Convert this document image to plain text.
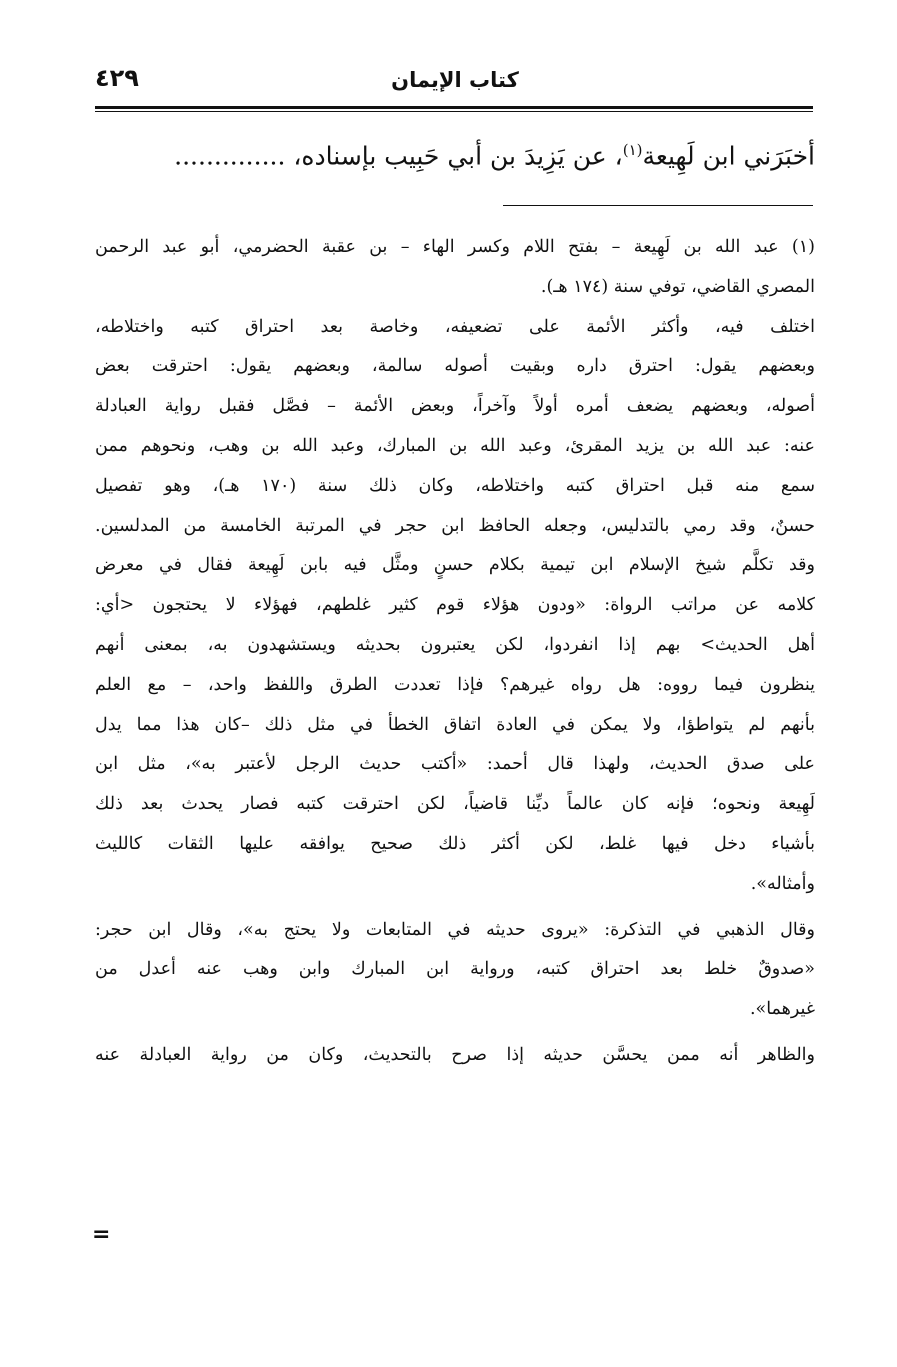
كتاب الإيمان
٤٢٩
أخبَرَني ابن لَهِيعة$^{(١)}$، عن يَزِيدَ بن أبي حَبِيب بإسناده، ..............
(١) عبد الله بن لَهِيعة – بفتح اللام وكسر الهاء – بن عقبة الحضرمي، أبو عبد الرحمن
المصري القاضي، توفي سنة (١٧٤ هـ).
اختلف فيه، وأكثر الأئمة على تضعيفه، وخاصة بعد احتراق كتبه واختلاطه،
وبعضهم يقول: احترق داره وبقيت أصوله سالمة، وبعضهم يقول: احترقت بعض
أصوله، وبعضهم يضعف أمره أولاً وآخراً، وبعض الأئمة – فصَّل فقبل رواية العبادلة
عنه: عبد الله بن يزيد المقرئ، وعبد الله بن المبارك، وعبد الله بن وهب، ونحوهم ممن
سمع منه قبل احتراق كتبه واختلاطه، وكان ذلك سنة (١٧٠ هـ)، وهو تفصيل
حسنٌ، وقد رمي بالتدليس، وجعله الحافظ ابن حجر في المرتبة الخامسة من المدلسين.
وقد تكلَّم شيخ الإسلام ابن تيمية بكلام حسنٍ ومثَّل فيه بابن لَهِيعة فقال في معرض
كلامه عن مراتب الرواة: «ودون هؤلاء قوم كثير غلطهم، فهؤلاء لا يحتجون <أي:
أهل الحديث> بهم إذا انفردوا، لكن يعتبرون بحديثه ويستشهدون به، بمعنى أنهم
ينظرون فيما رووه: هل رواه غيرهم؟ فإذا تعددت الطرق واللفظ واحد، – مع العلم
بأنهم لم يتواطؤا، ولا يمكن في العادة اتفاق الخطأ في مثل ذلك –كان هذا مما يدل
على صدق الحديث، ولهذا قال أحمد: «أكتب حديث الرجل لأعتبر به»، مثل ابن
لَهِيعة ونحوه؛ فإنه كان عالماً ديِّنا قاضياً، لكن احترقت كتبه فصار يحدث بعد ذلك
بأشياء دخل فيها غلط، لكن أكثر ذلك صحيح يوافقه عليها الثقات كالليث
وأمثاله».
وقال الذهبي في التذكرة: «يروى حديثه في المتابعات ولا يحتج به»، وقال ابن حجر:
«صدوقٌ خلط بعد احتراق كتبه، ورواية ابن المبارك وابن وهب عنه أعدل من
غيرهما».
والظاهر أنه ممن يحسَّن حديثه إذا صرح بالتحديث، وكان من رواية العبادلة عنه
=
